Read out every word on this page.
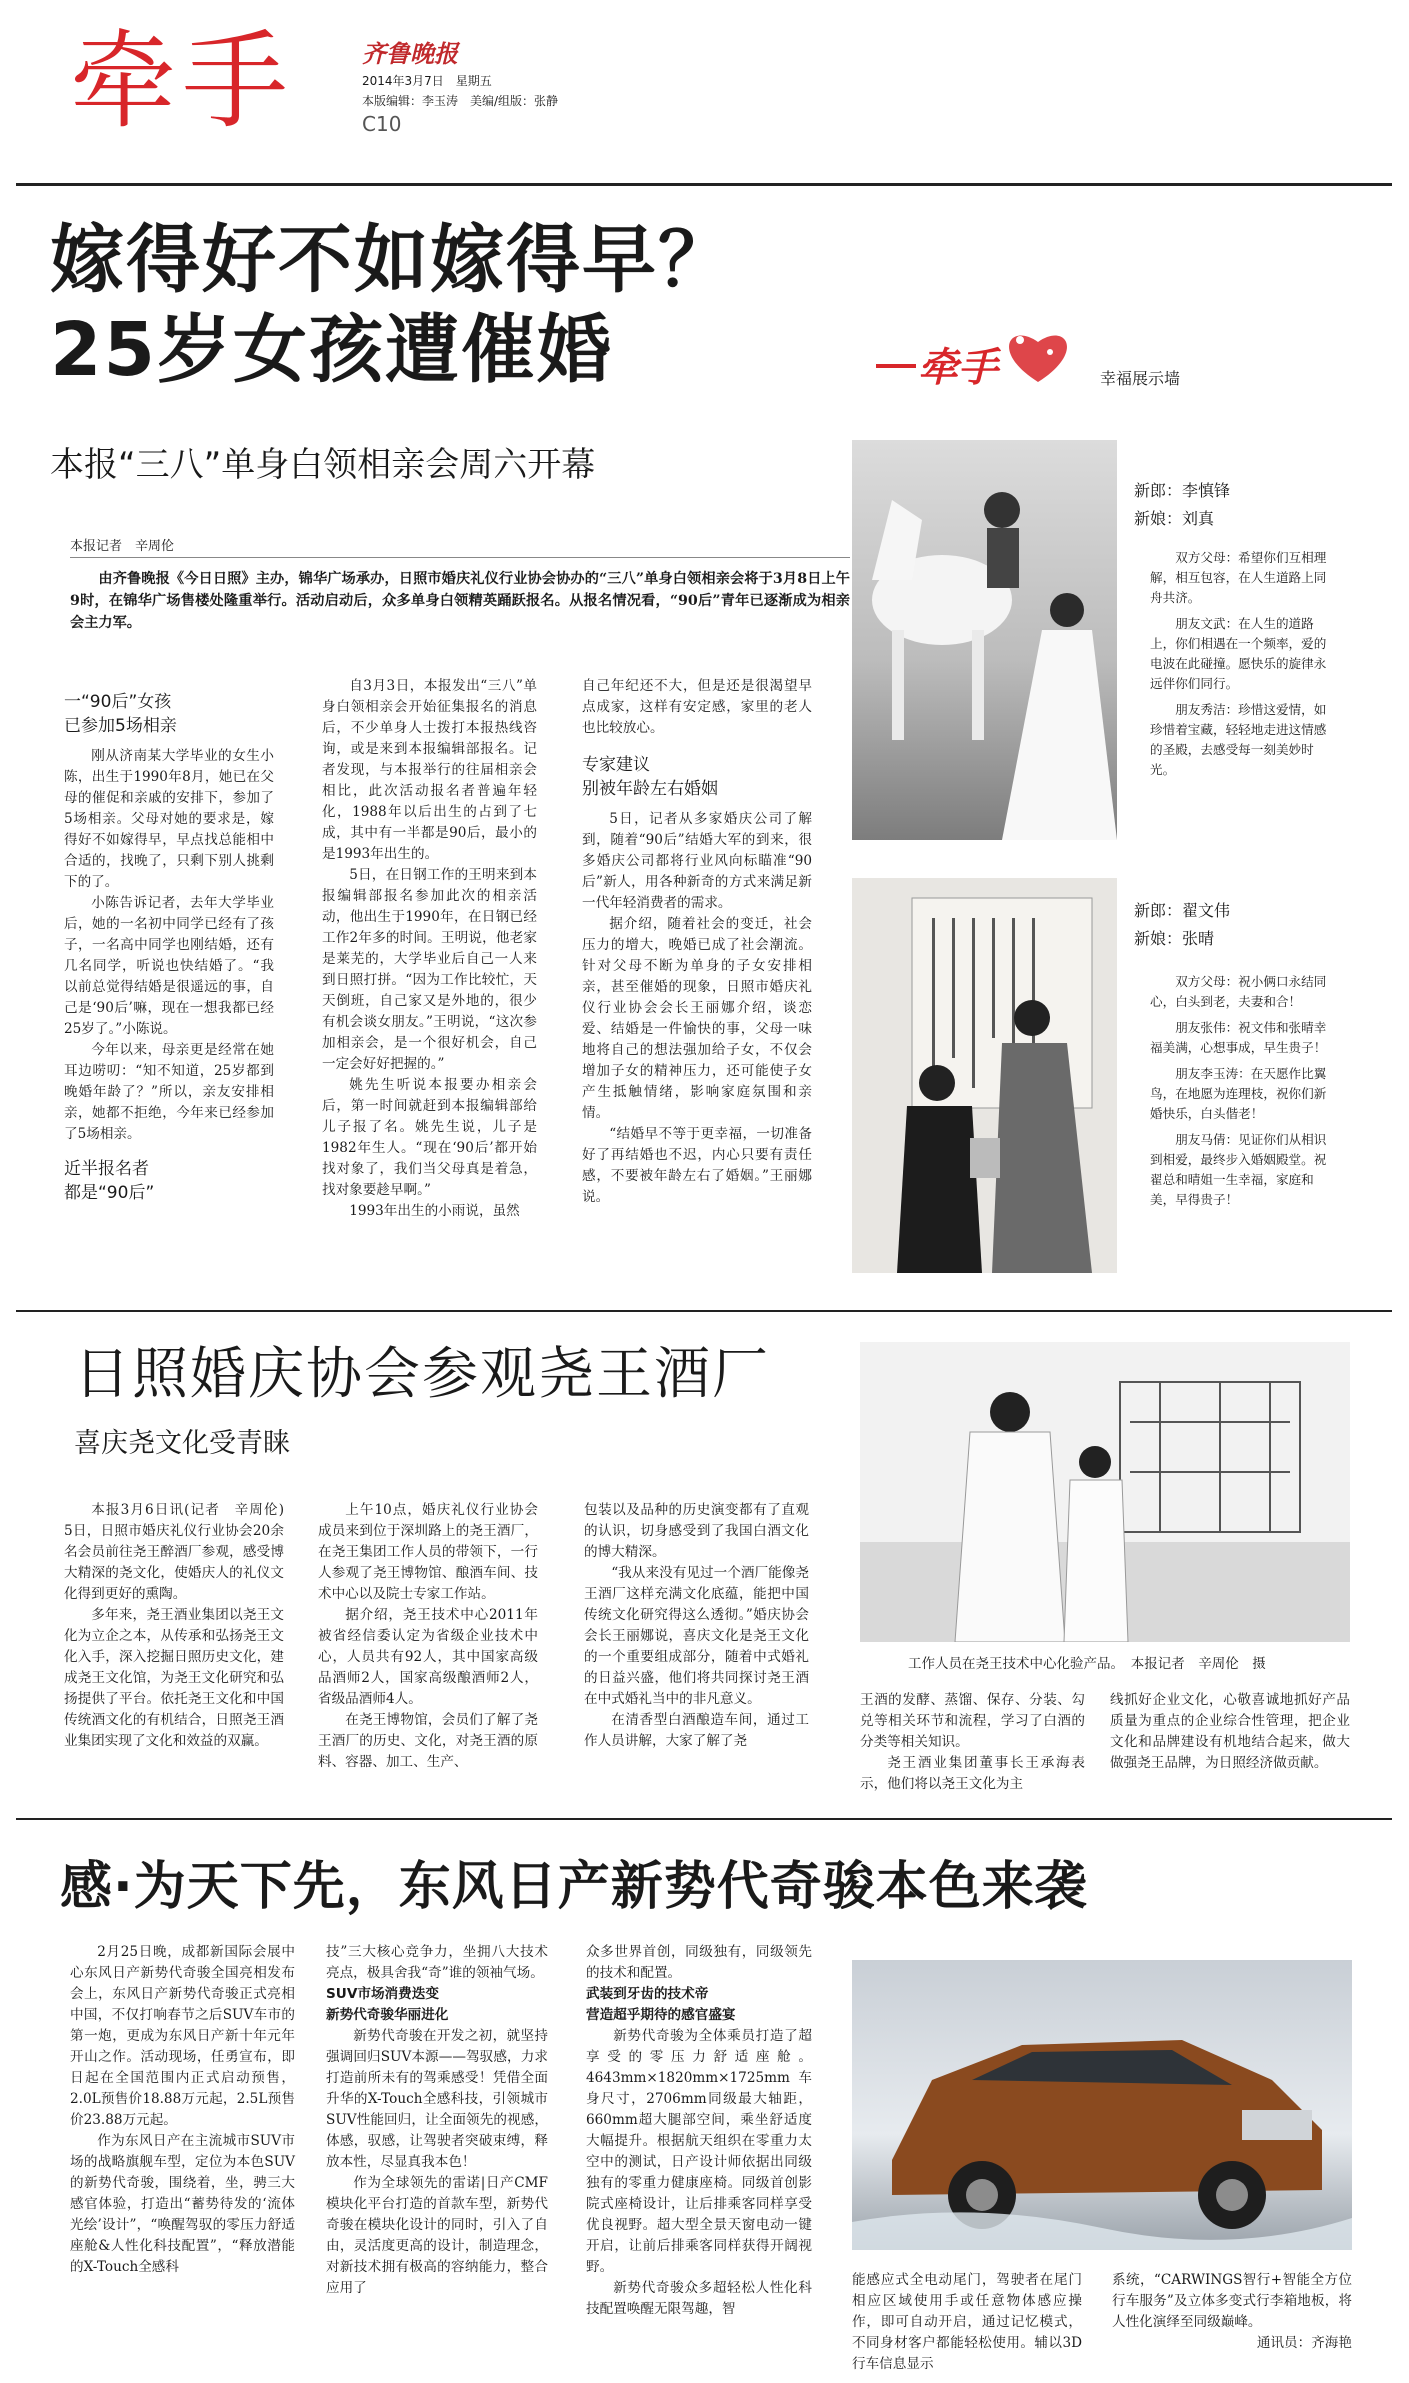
牵手	齐鲁晚报
2014年3月7日　星期五
本版编辑：李玉涛　美编/组版：张静
C10
嫁得好不如嫁得早？
25岁女孩遭催婚
本报“三八”单身白领相亲会周六开幕
本报记者　辛周伦

由齐鲁晚报《今日日照》主办，锦华广场承办，日照市婚庆礼仪行业协会协办的“三八”单身白领相亲会将于3月8日上午9时，在锦华广场售楼处隆重举行。活动启动后，众多单身白领精英踊跃报名。从报名情况看，“90后”青年已逐渐成为相亲会主力军。

一“90后”女孩
已参加5场相亲

刚从济南某大学毕业的女生小陈，出生于1990年8月，她已在父母的催促和亲戚的安排下，参加了5场相亲。父母对她的要求是，嫁得好不如嫁得早，早点找总能相中合适的，找晚了，只剩下别人挑剩下的了。

小陈告诉记者，去年大学毕业后，她的一名初中同学已经有了孩子，一名高中同学也刚结婚，还有几名同学，听说也快结婚了。“我以前总觉得结婚是很遥远的事，自己是‘90后’嘛，现在一想我都已经25岁了。”小陈说。

今年以来，母亲更是经常在她耳边唠叨：“知不知道，25岁都到晚婚年龄了？”所以，亲友安排相亲，她都不拒绝，今年来已经参加了5场相亲。

近半报名者
都是“90后”

自3月3日，本报发出“三八”单身白领相亲会开始征集报名的消息后，不少单身人士拨打本报热线咨询，或是来到本报编辑部报名。记者发现，与本报举行的往届相亲会相比，此次活动报名者普遍年轻化，1988年以后出生的占到了七成，其中有一半都是90后，最小的是1993年出生的。

5日，在日钢工作的王明来到本报编辑部报名参加此次的相亲活动，他出生于1990年，在日钢已经工作2年多的时间。王明说，他老家是莱芜的，大学毕业后自己一人来到日照打拼。“因为工作比较忙，天天倒班，自己家又是外地的，很少有机会谈女朋友。”王明说，“这次参加相亲会，是一个很好机会，自己一定会好好把握的。”

姚先生听说本报要办相亲会后，第一时间就赶到本报编辑部给儿子报了名。姚先生说，儿子是1982年生人。“现在‘90后’都开始找对象了，我们当父母真是着急，找对象要趁早啊。”

1993年出生的小雨说，虽然

自己年纪还不大，但是还是很渴望早点成家，这样有安定感，家里的老人也比较放心。

专家建议
别被年龄左右婚姻

5日，记者从多家婚庆公司了解到，随着“90后”结婚大军的到来，很多婚庆公司都将行业风向标瞄准“90后”新人，用各种新奇的方式来满足新一代年轻消费者的需求。

据介绍，随着社会的变迁，社会压力的增大，晚婚已成了社会潮流。针对父母不断为单身的子女安排相亲，甚至催婚的现象，日照市婚庆礼仪行业协会会长王丽娜介绍，谈恋爱、结婚是一件愉快的事，父母一味地将自己的想法强加给子女，不仅会增加子女的精神压力，还可能使子女产生抵触情绪，影响家庭氛围和亲情。

“结婚早不等于更幸福，一切准备好了再结婚也不迟，内心只要有责任感，不要被年龄左右了婚姻。”王丽娜说。

牵手	幸福展示墙
新郎：李慎锋
新娘：刘真

双方父母：希望你们互相理解，相互包容，在人生道路上同舟共济。

朋友文武：在人生的道路上，你们相遇在一个频率，爱的电波在此碰撞。愿快乐的旋律永远伴你们同行。

朋友秀洁：珍惜这爱情，如珍惜着宝藏，轻轻地走进这情感的圣殿，去感受每一刻美妙时光。

新郎：翟文伟
新娘：张晴

双方父母：祝小俩口永结同心，白头到老，夫妻和合！

朋友张伟：祝文伟和张晴幸福美满，心想事成，早生贵子！

朋友李玉涛：在天愿作比翼鸟，在地愿为连理枝，祝你们新婚快乐，白头偕老！

朋友马倩：见证你们从相识到相爱，最终步入婚姻殿堂。祝翟总和晴姐一生幸福，家庭和美，早得贵子！

日照婚庆协会参观尧王酒厂
喜庆尧文化受青睐
工作人员在尧王技术中心化验产品。　本报记者　辛周伦　摄

本报3月6日讯(记者　辛周伦)　5日，日照市婚庆礼仪行业协会20余名会员前往尧王醉酒厂参观，感受博大精深的尧文化，使婚庆人的礼仪文化得到更好的熏陶。

多年来，尧王酒业集团以尧王文化为立企之本，从传承和弘扬尧王文化入手，深入挖掘日照历史文化，建成尧王文化馆，为尧王文化研究和弘扬提供了平台。依托尧王文化和中国传统酒文化的有机结合，日照尧王酒业集团实现了文化和效益的双赢。

上午10点，婚庆礼仪行业协会成员来到位于深圳路上的尧王酒厂，在尧王集团工作人员的带领下，一行人参观了尧王博物馆、酿酒车间、技术中心以及院士专家工作站。

据介绍，尧王技术中心2011年被省经信委认定为省级企业技术中心，人员共有92人，其中国家高级品酒师2人，国家高级酿酒师2人，省级品酒师4人。

在尧王博物馆，会员们了解了尧王酒厂的历史、文化，对尧王酒的原料、容器、加工、生产、

包装以及品种的历史演变都有了直观的认识，切身感受到了我国白酒文化的博大精深。

“我从来没有见过一个酒厂能像尧王酒厂这样充满文化底蕴，能把中国传统文化研究得这么透彻。”婚庆协会会长王丽娜说，喜庆文化是尧王文化的一个重要组成部分，随着中式婚礼的日益兴盛，他们将共同探讨尧王酒在中式婚礼当中的非凡意义。

在清香型白酒酿造车间，通过工作人员讲解，大家了解了尧

王酒的发酵、蒸馏、保存、分装、勾兑等相关环节和流程，学习了白酒的分类等相关知识。

尧王酒业集团董事长王承海表示，他们将以尧王文化为主

线抓好企业文化，心敬喜诚地抓好产品质量为重点的企业综合性管理，把企业文化和品牌建设有机地结合起来，做大做强尧王品牌，为日照经济做贡献。

感·为天下先，东风日产新势代奇骏本色来袭

2月25日晚，成都新国际会展中心东风日产新势代奇骏全国亮相发布会上，东风日产新势代奇骏正式亮相中国，不仅打响春节之后SUV车市的第一炮，更成为东风日产新十年元年开山之作。活动现场，任勇宣布，即日起在全国范围内正式启动预售，2.0L预售价18.88万元起，2.5L预售价23.88万元起。

作为东风日产在主流城市SUV市场的战略旗舰车型，定位为本色SUV的新势代奇骏，围绕着，坐，骋三大感官体验，打造出“蓄势待发的‘流体光绘’设计”，“唤醒驾驭的零压力舒适座舱&人性化科技配置”，“释放潜能的X-Touch全感科

技”三大核心竞争力，坐拥八大技术亮点，极具舍我“奇”谁的领袖气场。

SUV市场消费迭变
新势代奇骏华丽进化

新势代奇骏在开发之初，就坚持强调回归SUV本源——驾驭感，力求打造前所未有的驾乘感受！凭借全面升华的X-Touch全感科技，引领城市SUV性能回归，让全面领先的视感，体感，驭感，让驾驶者突破束缚，释放本性，尽显真我本色！

作为全球领先的雷诺|日产CMF模块化平台打造的首款车型，新势代奇骏在模块化设计的同时，引入了自由，灵活度更高的设计，制造理念，对新技术拥有极高的容纳能力，整合应用了

众多世界首创，同级独有，同级领先的技术和配置。

武装到牙齿的技术帝
营造超乎期待的感官盛宴

新势代奇骏为全体乘员打造了超享受的零压力舒适座舱。4643mm×1820mm×1725mm车身尺寸，2706mm同级最大轴距，660mm超大腿部空间，乘坐舒适度大幅提升。根据航天组织在零重力太空中的测试，日产设计师依据出同级独有的零重力健康座椅。同级首创影院式座椅设计，让后排乘客同样享受优良视野。超大型全景天窗电动一键开启，让前后排乘客同样获得开阔视野。

新势代奇骏众多超轻松人性化科技配置唤醒无限驾趣，智

能感应式全电动尾门，驾驶者在尾门相应区域使用手或任意物体感应操作，即可自动开启，通过记忆模式，不同身材客户都能轻松使用。辅以3D行车信息显示

系统，“CARWINGS智行+智能全方位行车服务”及立体多变式行李箱地板，将人性化演绎至同级巅峰。

通讯员：齐海艳
